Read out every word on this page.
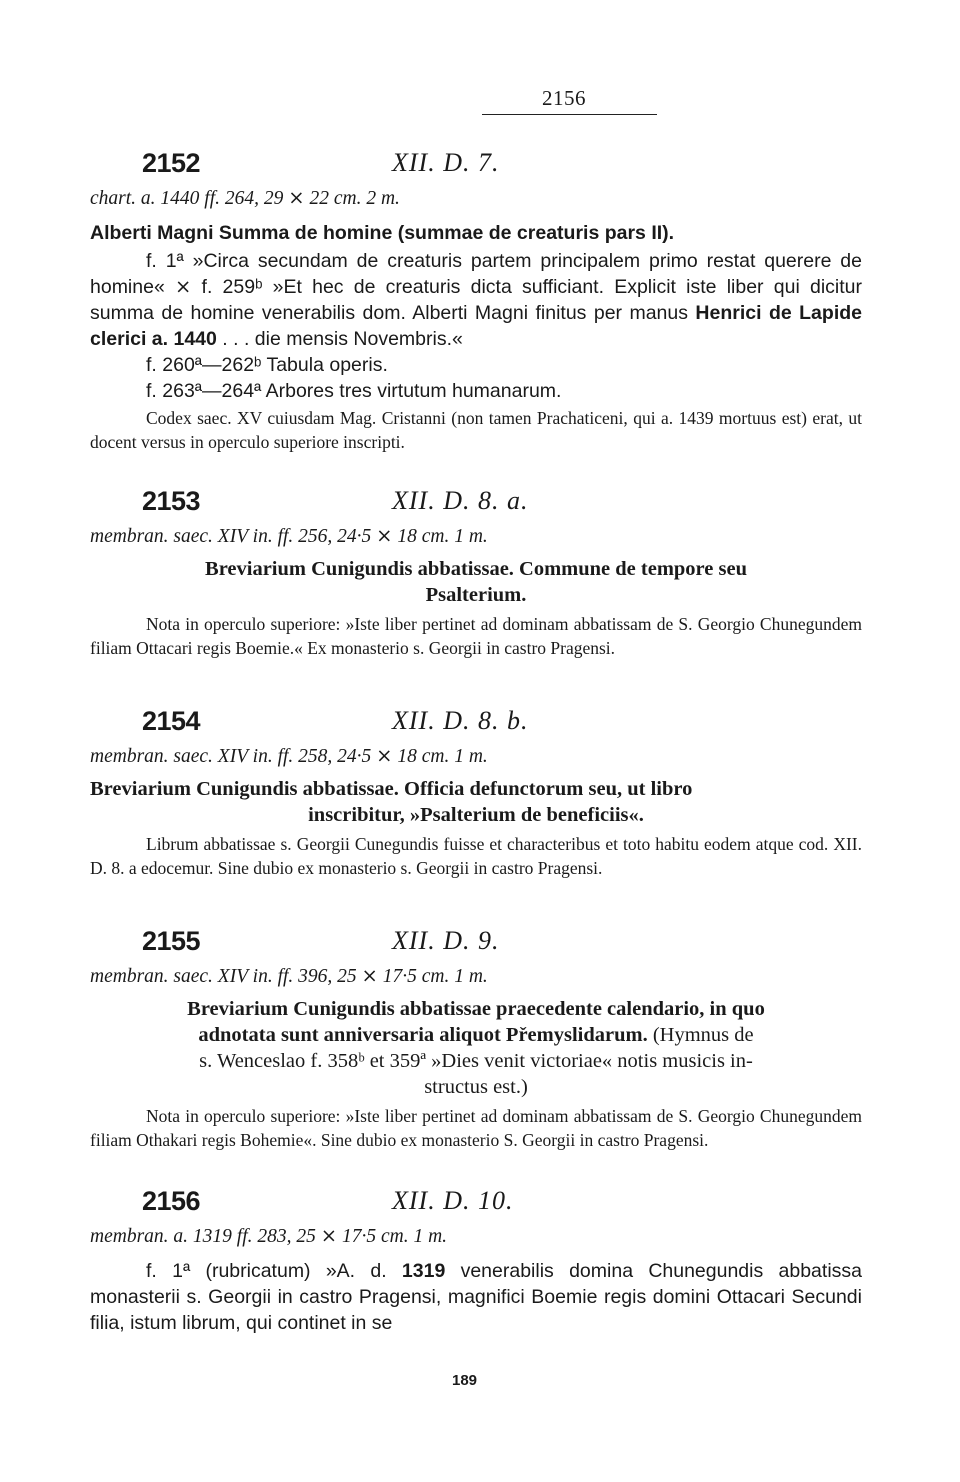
2156
2152	XII. D. 7.
chart. a. 1440 ff. 264, 29 ⨯ 22 cm. 2 m.
Alberti Magni Summa de homine (summae de creaturis pars II).

f. 1ª »Circa secundam de creaturis partem principalem primo restat querere de homine« ⨯ f. 259ᵇ »Et hec de creaturis dicta sufficiant. Explicit iste liber qui dicitur summa de homine venerabilis dom. Alberti Magni finitus per manus Henrici de Lapide clerici a. 1440 . . . die mensis Novembris.«

f. 260ª—262ᵇ Tabula operis.

f. 263ª—264ª Arbores tres virtutum humanarum.

Codex saec. XV cuiusdam Mag. Cristanni (non tamen Prachaticeni, qui a. 1439 mortuus est) erat, ut docent versus in operculo superiore inscripti.
2153	XII. D. 8. a.
membran. saec. XIV in. ff. 256, 24·5 ⨯ 18 cm. 1 m.
Breviarium Cunigundis abbatissae. Commune de tempore seu
Psalterium.
Nota in operculo superiore: »Iste liber pertinet ad dominam abbatissam de S. Georgio Chunegundem filiam Ottacari regis Boemie.« Ex monasterio s. Georgii in castro Pragensi.
2154	XII. D. 8. b.
membran. saec. XIV in. ff. 258, 24·5 ⨯ 18 cm. 1 m.
Breviarium Cunigundis abbatissae. Officia defunctorum seu, ut libro
inscribitur, »Psalterium de beneficiis«.
Librum abbatissae s. Georgii Cunegundis fuisse et characteribus et toto habitu eodem atque cod. XII. D. 8. a edocemur. Sine dubio ex monasterio s. Georgii in castro Pragensi.
2155	XII. D. 9.
membran. saec. XIV in. ff. 396, 25 ⨯ 17·5 cm. 1 m.
Breviarium Cunigundis abbatissae praecedente calendario, in quo
adnotata sunt anniversaria aliquot Přemyslidarum. (Hymnus de
s. Wenceslao f. 358ᵇ et 359ª »Dies venit victoriae« notis musicis in-
structus est.)
Nota in operculo superiore: »Iste liber pertinet ad dominam abbatissam de S. Georgio Chunegundem filiam Othakari regis Bohemie«. Sine dubio ex monasterio S. Georgii in castro Pragensi.
2156	XII. D. 10.
membran. a. 1319 ff. 283, 25 ⨯ 17·5 cm. 1 m.
f. 1ª (rubricatum) »A. d. 1319 venerabilis domina Chunegundis abbatissa monasterii s. Georgii in castro Pragensi, magnifici Boemie regis domini Ottacari Secundi filia, istum librum, qui continet in se
189
